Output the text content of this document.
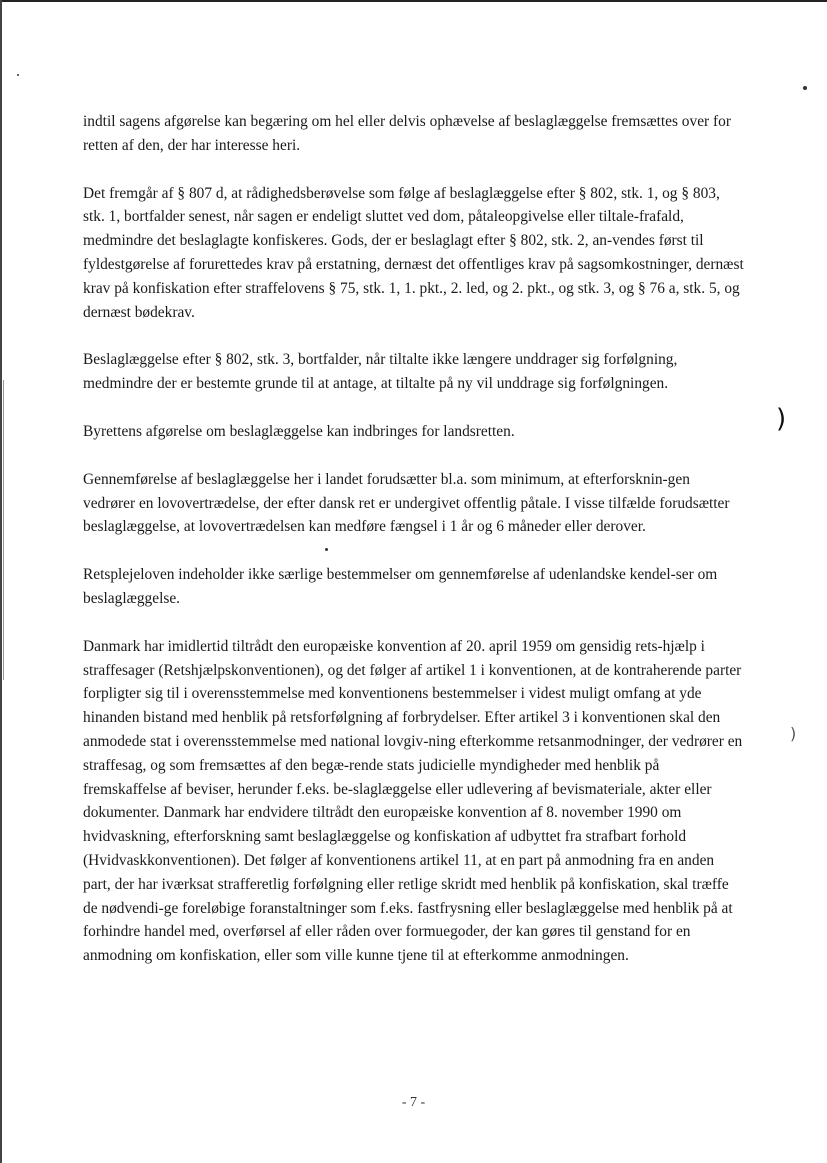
)
)

indtil sagens afgørelse kan begæring om hel eller delvis ophævelse af beslaglæggelse fremsættes over for retten af den, der har interesse heri.

Det fremgår af § 807 d, at rådighedsberøvelse som følge af beslaglæggelse efter § 802, stk. 1, og § 803, stk. 1, bortfalder senest, når sagen er endeligt sluttet ved dom, påtaleopgivelse eller tiltale-frafald, medmindre det beslaglagte konfiskeres. Gods, der er beslaglagt efter § 802, stk. 2, an-vendes først til fyldestgørelse af forurettedes krav på erstatning, dernæst det offentliges krav på sagsomkostninger, dernæst krav på konfiskation efter straffelovens § 75, stk. 1, 1. pkt., 2. led, og 2. pkt., og stk. 3, og § 76 a, stk. 5, og dernæst bødekrav.

Beslaglæggelse efter § 802, stk. 3, bortfalder, når tiltalte ikke længere unddrager sig forfølgning, medmindre der er bestemte grunde til at antage, at tiltalte på ny vil unddrage sig forfølgningen.

Byrettens afgørelse om beslaglæggelse kan indbringes for landsretten.

Gennemførelse af beslaglæggelse her i landet forudsætter bl.a. som minimum, at efterforsknin-gen vedrører en lovovertrædelse, der efter dansk ret er undergivet offentlig påtale. I visse tilfælde forudsætter beslaglæggelse, at lovovertrædelsen kan medføre fængsel i 1 år og 6 måneder eller derover.

Retsplejeloven indeholder ikke særlige bestemmelser om gennemførelse af udenlandske kendel-ser om beslaglæggelse.

Danmark har imidlertid tiltrådt den europæiske konvention af 20. april 1959 om gensidig rets-hjælp i straffesager (Retshjælpskonventionen), og det følger af artikel 1 i konventionen, at de kontraherende parter forpligter sig til i overensstemmelse med konventionens bestemmelser i videst muligt omfang at yde hinanden bistand med henblik på retsforfølgning af forbrydelser. Efter artikel 3 i konventionen skal den anmodede stat i overensstemmelse med national lovgiv-ning efterkomme retsanmodninger, der vedrører en straffesag, og som fremsættes af den begæ-rende stats judicielle myndigheder med henblik på fremskaffelse af beviser, herunder f.eks. be-slaglæggelse eller udlevering af bevismateriale, akter eller dokumenter. Danmark har endvidere tiltrådt den europæiske konvention af 8. november 1990 om hvidvaskning, efterforskning samt beslaglæggelse og konfiskation af udbyttet fra strafbart forhold (Hvidvaskkonventionen). Det følger af konventionens artikel 11, at en part på anmodning fra en anden part, der har iværksat strafferetlig forfølgning eller retlige skridt med henblik på konfiskation, skal træffe de nødvendi-ge foreløbige foranstaltninger som f.eks. fastfrysning eller beslaglæggelse med henblik på at forhindre handel med, overførsel af eller råden over formuegoder, der kan gøres til genstand for en anmodning om konfiskation, eller som ville kunne tjene til at efterkomme anmodningen.

- 7 -
